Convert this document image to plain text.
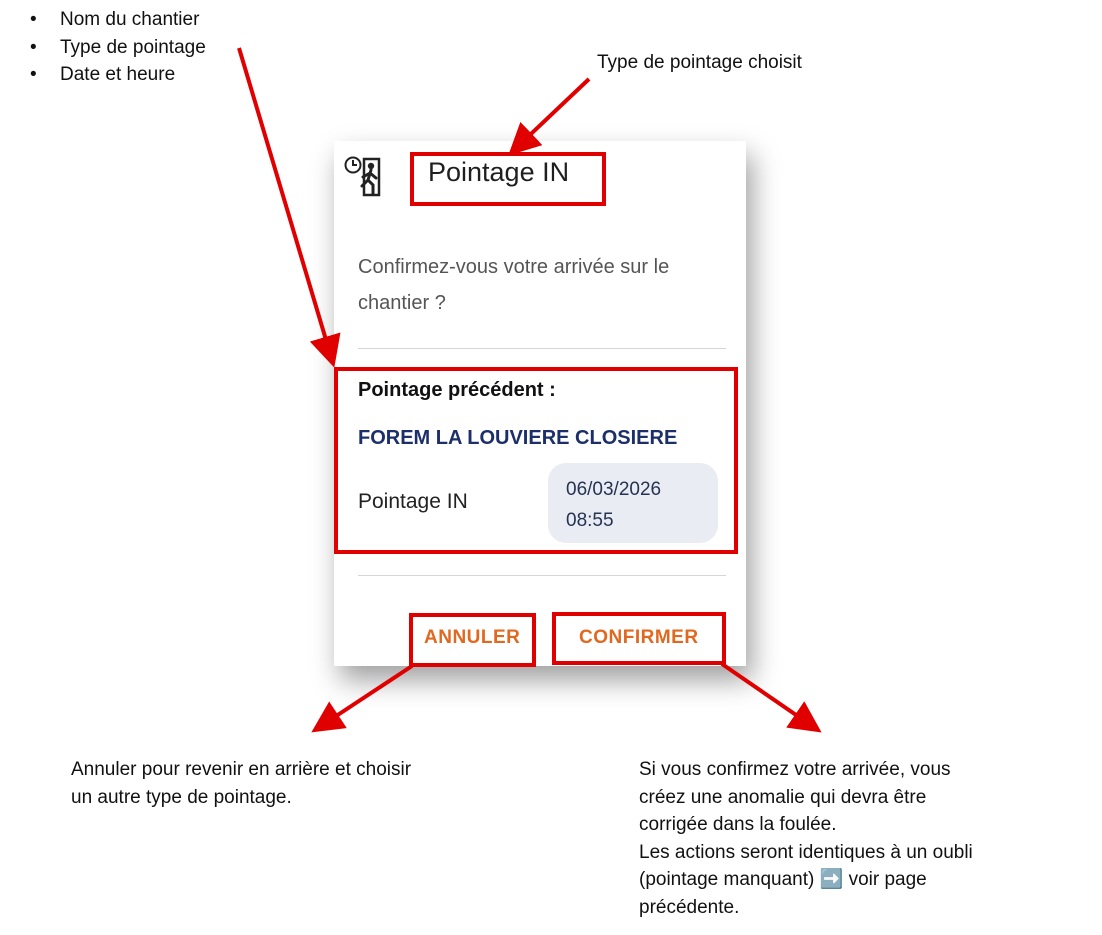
• Nom du chantier
• Type de pointage
• Date et heure
Type de pointage choisit
Pointage IN
Confirmez-vous votre arrivée sur le
chantier ?
Pointage précédent :
FOREM LA LOUVIERE CLOSIERE
Pointage IN
06/03/2026
08:55
ANNULER	CONFIRMER
Annuler pour revenir en arrière et choisir
un autre type de pointage.
Si vous confirmez votre arrivée, vous
créez une anomalie qui devra être
corrigée dans la foulée.
Les actions seront identiques à un oubli
(pointage manquant) ➡️ voir page
précédente.
